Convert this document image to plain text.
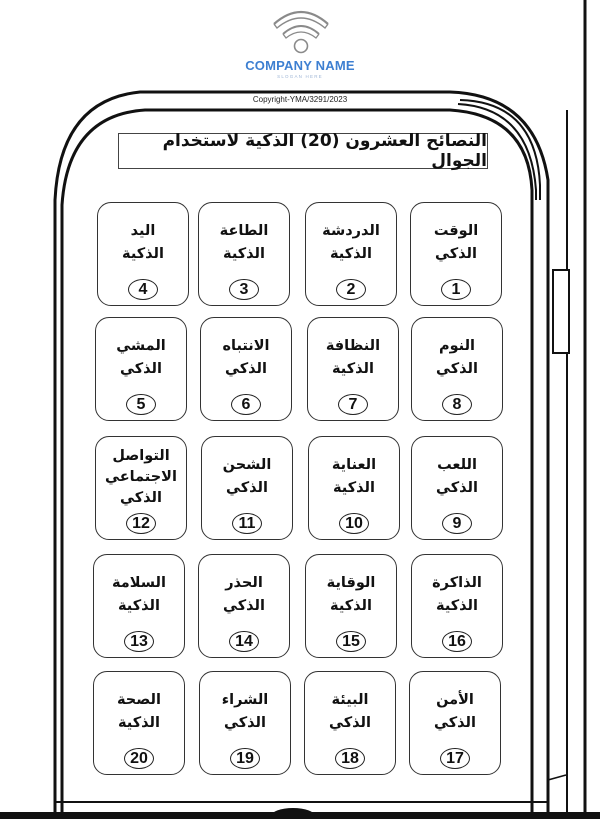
COMPANY NAME
SLOGAN HERE
Copyright-YMA/3291/2023
النصائح العشرون (20) الذكية لاستخدام الجوال
الوقت
الذكي
1
الدردشة
الذكية
2
الطاعة
الذكية
3
اليد
الذكية
4
النوم
الذكي
8
النظافة
الذكية
7
الانتباه
الذكي
6
المشي
الذكي
5
اللعب
الذكي
9
العناية
الذكية
10
الشحن
الذكي
11
التواصل
الاجتماعي
الذكي
12
الذاكرة
الذكية
16
الوقاية
الذكية
15
الحذر
الذكي
14
السلامة
الذكية
13
الأمن
الذكي
17
البيئة
الذكي
18
الشراء
الذكي
19
الصحة
الذكية
20
